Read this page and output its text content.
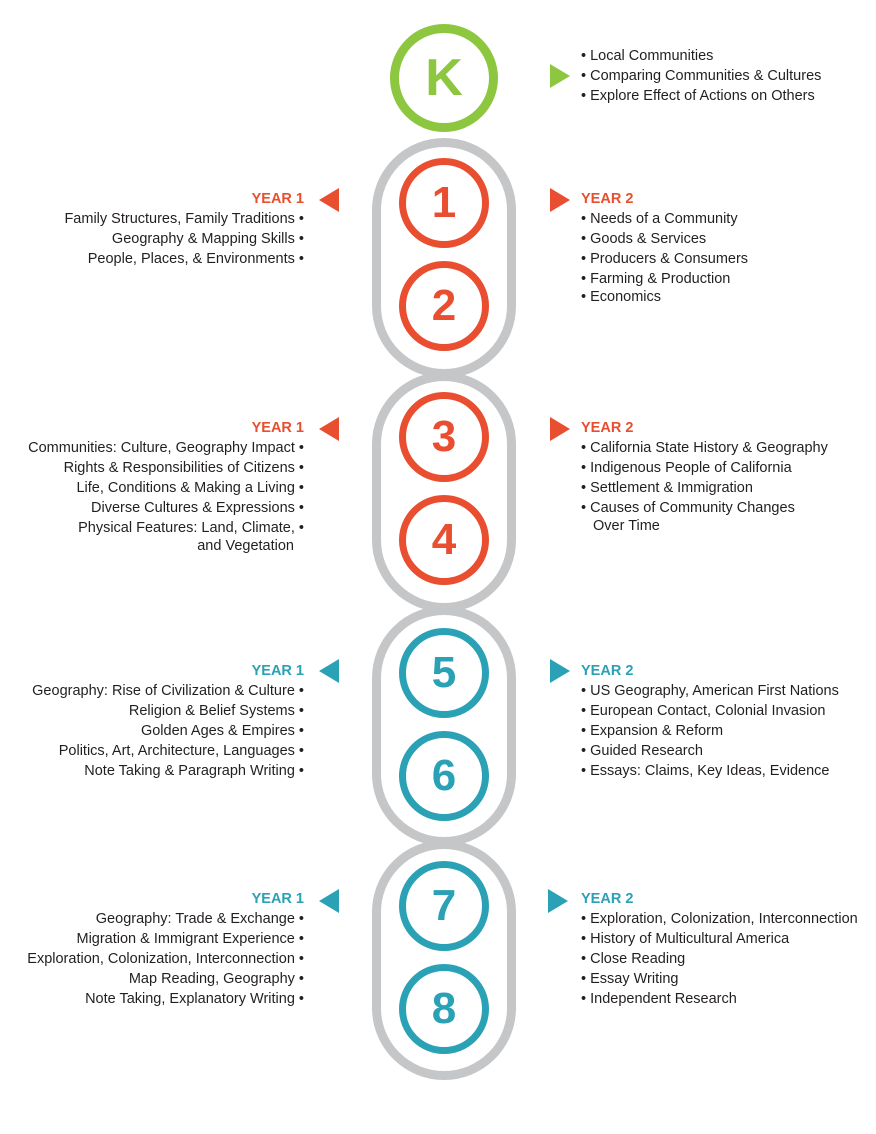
K	• Local Communities
• Comparing Communities & Cultures
• Explore Effect of Actions on Others
1
2
3
4
5
6
7
8
YEAR 1
Family Structures, Family Traditions •
Geography & Mapping Skills •
People, Places, & Environments •
YEAR 2
• Needs of a Community
• Goods & Services
• Producers & Consumers
• Farming & Production
• Economics
YEAR 1
Communities: Culture, Geography Impact •
Rights & Responsibilities of Citizens •
Life, Conditions & Making a Living •
Diverse Cultures & Expressions •
Physical Features: Land, Climate, •
and Vegetation
YEAR 2
• California State History & Geography
• Indigenous People of California
• Settlement & Immigration
• Causes of Community Changes
Over Time
YEAR 1
Geography: Rise of Civilization & Culture •
Religion & Belief Systems •
Golden Ages & Empires •
Politics, Art, Architecture, Languages •
Note Taking & Paragraph Writing •
YEAR 2
• US Geography, American First Nations
• European Contact, Colonial Invasion
• Expansion & Reform
• Guided Research
• Essays: Claims, Key Ideas, Evidence
YEAR 1
Geography: Trade & Exchange •
Migration & Immigrant Experience •
Exploration, Colonization, Interconnection •
Map Reading, Geography •
Note Taking, Explanatory Writing •
YEAR 2
• Exploration, Colonization, Interconnection
• History of Multicultural America
• Close Reading
• Essay Writing
• Independent Research
